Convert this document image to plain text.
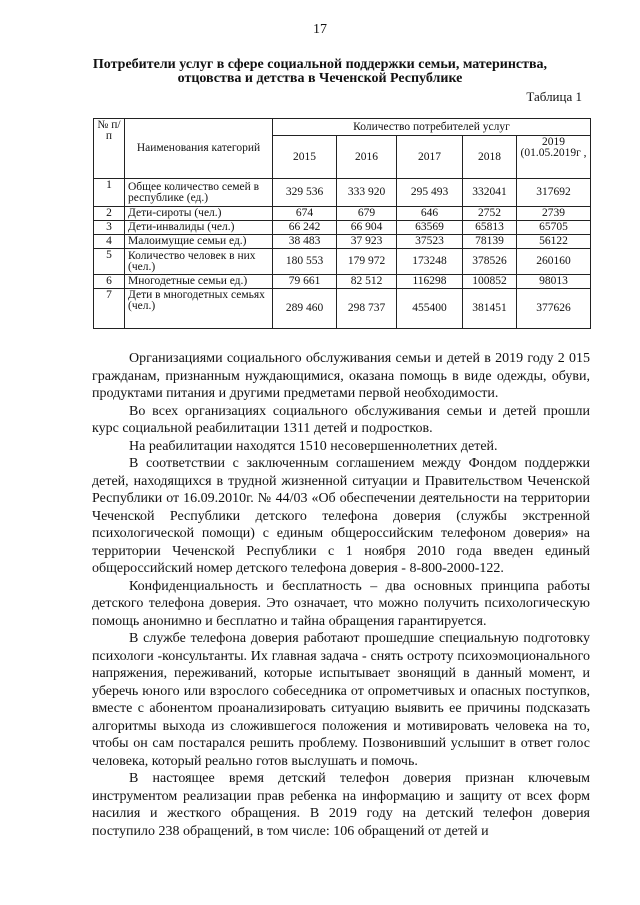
17
Потребители услуг в сфере социальной поддержки семьи, материнства,
отцовства и детства в Чеченской Республике
Таблица 1
№ п/п	Наименования категорий	Количество потребителей услуг				
		2015	2016	2017	2018	2019 (01.05.2019г ,
1	Общее количество семей в республике (ед.)	329 536	333 920	295 493	332041	317692
2	Дети-сироты (чел.)	674	679	646	2752	2739
3	Дети-инвалиды (чел.)	66 242	66 904	63569	65813	65705
4	Малоимущие семьи ед.)	38 483	37 923	37523	78139	56122
5	Количество человек в них (чел.)	180 553	179 972	173248	378526	260160
6	Многодетные семьи ед.)	79 661	82 512	116298	100852	98013
7	Дети в многодетных семьях (чел.)	289 460	298 737	455400	381451	377626

Организациями социального обслуживания семьи и детей в 2019 году 2 015 гражданам, признанным нуждающимися, оказана помощь в виде одежды, обуви, продуктами питания и другими предметами первой необходимости.

Во всех организациях социального обслуживания семьи и детей прошли курс социальной реабилитации 1311 детей и подростков.

На реабилитации находятся 1510 несовершеннолетних детей.

В соответствии с заключенным соглашением между Фондом поддержки детей, находящихся в трудной жизненной ситуации и Правительством Чеченской Республики от 16.09.2010г. № 44/03 «Об обеспечении деятельности на территории Чеченской Республики детского телефона доверия (службы экстренной психологической помощи) с единым общероссийским телефоном доверия» на территории Чеченской Республики с 1 ноября 2010 года введен единый общероссийский номер детского телефона доверия - 8-800-2000-122.

Конфиденциальность и бесплатность – два основных принципа работы детского телефона доверия. Это означает, что можно получить психологическую помощь анонимно и бесплатно и тайна обращения гарантируется.

В службе телефона доверия работают прошедшие специальную подготовку психологи -консультанты. Их главная задача - снять остроту психоэмоционального напряжения, переживаний, которые испытывает звонящий в данный момент, и уберечь юного или взрослого собеседника от опрометчивых и опасных поступков, вместе с абонентом проанализировать ситуацию выявить ее причины подсказать алгоритмы выхода из сложившегося положения и мотивировать человека на то, чтобы он сам постарался решить проблему. Позвонивший услышит в ответ голос человека, который реально готов выслушать и помочь.

В настоящее время детский телефон доверия признан ключевым инструментом реализации прав ребенка на информацию и защиту от всех форм насилия и жесткого обращения. В 2019 году на детский телефон доверия поступило 238 обращений, в том числе: 106 обращений от детей и
